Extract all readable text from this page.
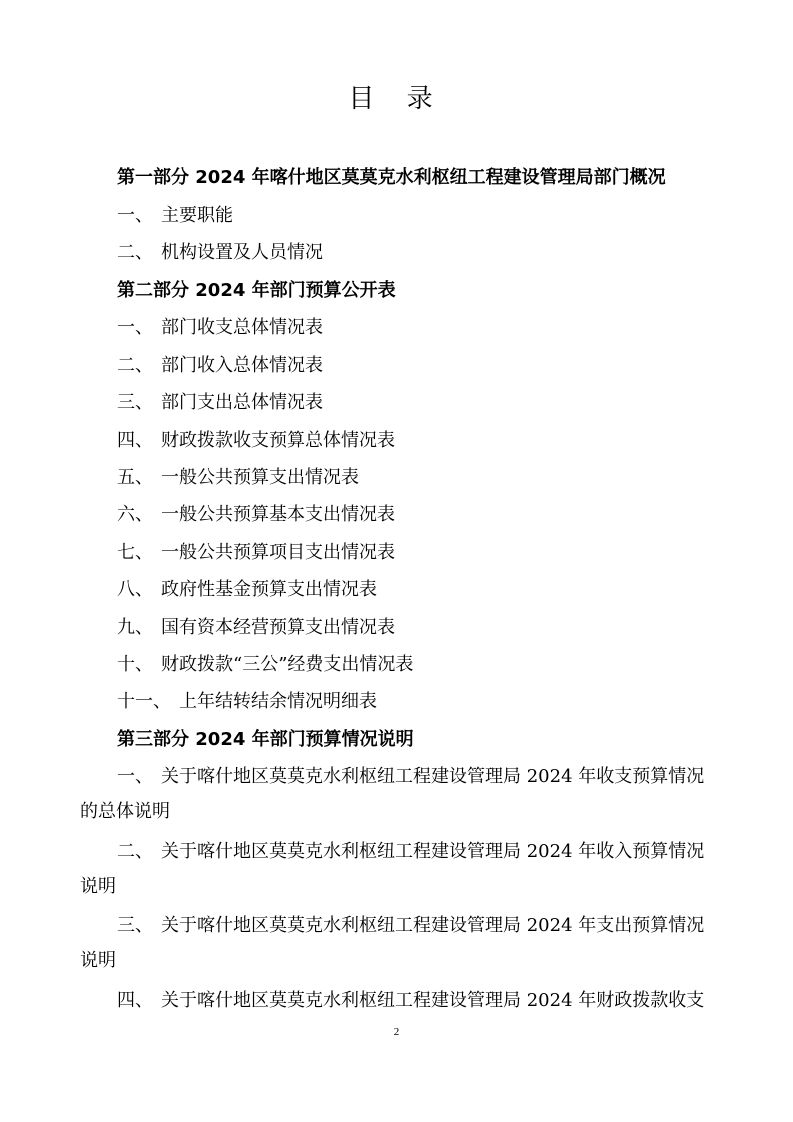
目 录
第一部分 2024 年喀什地区莫莫克水利枢纽工程建设管理局部门概况
一、 主要职能
二、 机构设置及人员情况
第二部分 2024 年部门预算公开表
一、 部门收支总体情况表
二、 部门收入总体情况表
三、 部门支出总体情况表
四、 财政拨款收支预算总体情况表
五、 一般公共预算支出情况表
六、 一般公共预算基本支出情况表
七、 一般公共预算项目支出情况表
八、 政府性基金预算支出情况表
九、 国有资本经营预算支出情况表
十、 财政拨款“三公”经费支出情况表
十一、 上年结转结余情况明细表
第三部分 2024 年部门预算情况说明
一、 关于喀什地区莫莫克水利枢纽工程建设管理局 2024 年收支预算情况
的总体说明
二、 关于喀什地区莫莫克水利枢纽工程建设管理局 2024 年收入预算情况
说明
三、 关于喀什地区莫莫克水利枢纽工程建设管理局 2024 年支出预算情况
说明
四、 关于喀什地区莫莫克水利枢纽工程建设管理局 2024 年财政拨款收支
2
